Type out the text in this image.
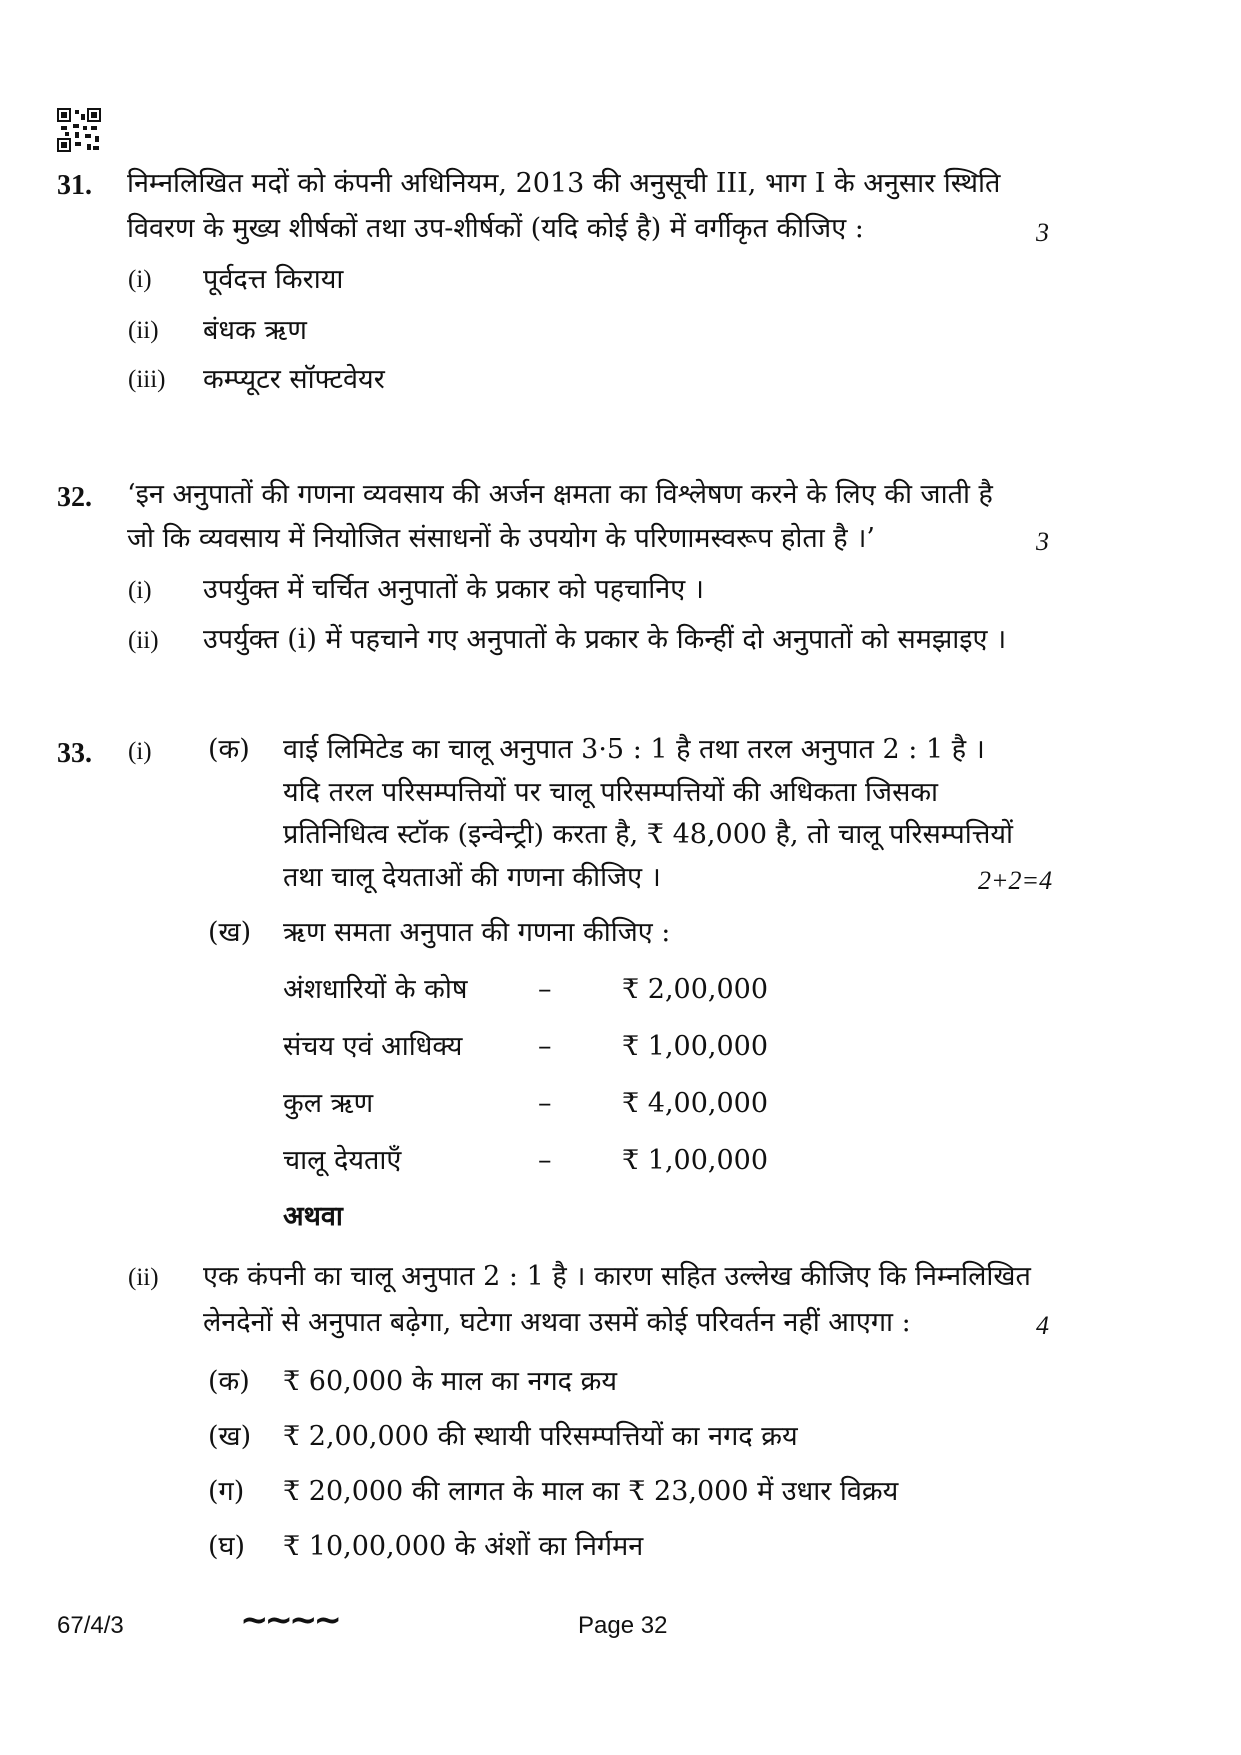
31. निम्नलिखित मदों को कंपनी अधिनियम, 2013 की अनुसूची III, भाग I के अनुसार स्थिति
विवरण के मुख्य शीर्षकों तथा उप-शीर्षकों (यदि कोई है) में वर्गीकृत कीजिए :	3
(i) पूर्वदत्त किराया
(ii) बंधक ऋण
(iii) कम्प्यूटर सॉफ्टवेयर
32. ‘इन अनुपातों की गणना व्यवसाय की अर्जन क्षमता का विश्लेषण करने के लिए की जाती है
जो कि व्यवसाय में नियोजित संसाधनों के उपयोग के परिणामस्वरूप होता है ।’	3
(i) उपर्युक्त में चर्चित अनुपातों के प्रकार को पहचानिए ।
(ii) उपर्युक्त (i) में पहचाने गए अनुपातों के प्रकार के किन्हीं दो अनुपातों को समझाइए ।
33. (i) (क) वाई लिमिटेड का चालू अनुपात 3·5 : 1 है तथा तरल अनुपात 2 : 1 है ।
यदि तरल परिसम्पत्तियों पर चालू परिसम्पत्तियों की अधिकता जिसका
प्रतिनिधित्व स्टॉक (इन्वेन्ट्री) करता है, ₹ 48,000 है, तो चालू परिसम्पत्तियों
तथा चालू देयताओं की गणना कीजिए ।	2+2=4
(ख) ऋण समता अनुपात की गणना कीजिए :
अंशधारियों के कोष	–	₹ 2,00,000
संचय एवं आधिक्य	–	₹ 1,00,000
कुल ऋण	–	₹ 4,00,000
चालू देयताएँ	–	₹ 1,00,000
अथवा
(ii) एक कंपनी का चालू अनुपात 2 : 1 है । कारण सहित उल्लेख कीजिए कि निम्नलिखित
लेनदेनों से अनुपात बढ़ेगा, घटेगा अथवा उसमें कोई परिवर्तन नहीं आएगा :	4
(क) ₹ 60,000 के माल का नगद क्रय
(ख) ₹ 2,00,000 की स्थायी परिसम्पत्तियों का नगद क्रय
(ग) ₹ 20,000 की लागत के माल का ₹ 23,000 में उधार विक्रय
(घ) ₹ 10,00,000 के अंशों का निर्गमन
67/4/3	~~~~	Page 32
